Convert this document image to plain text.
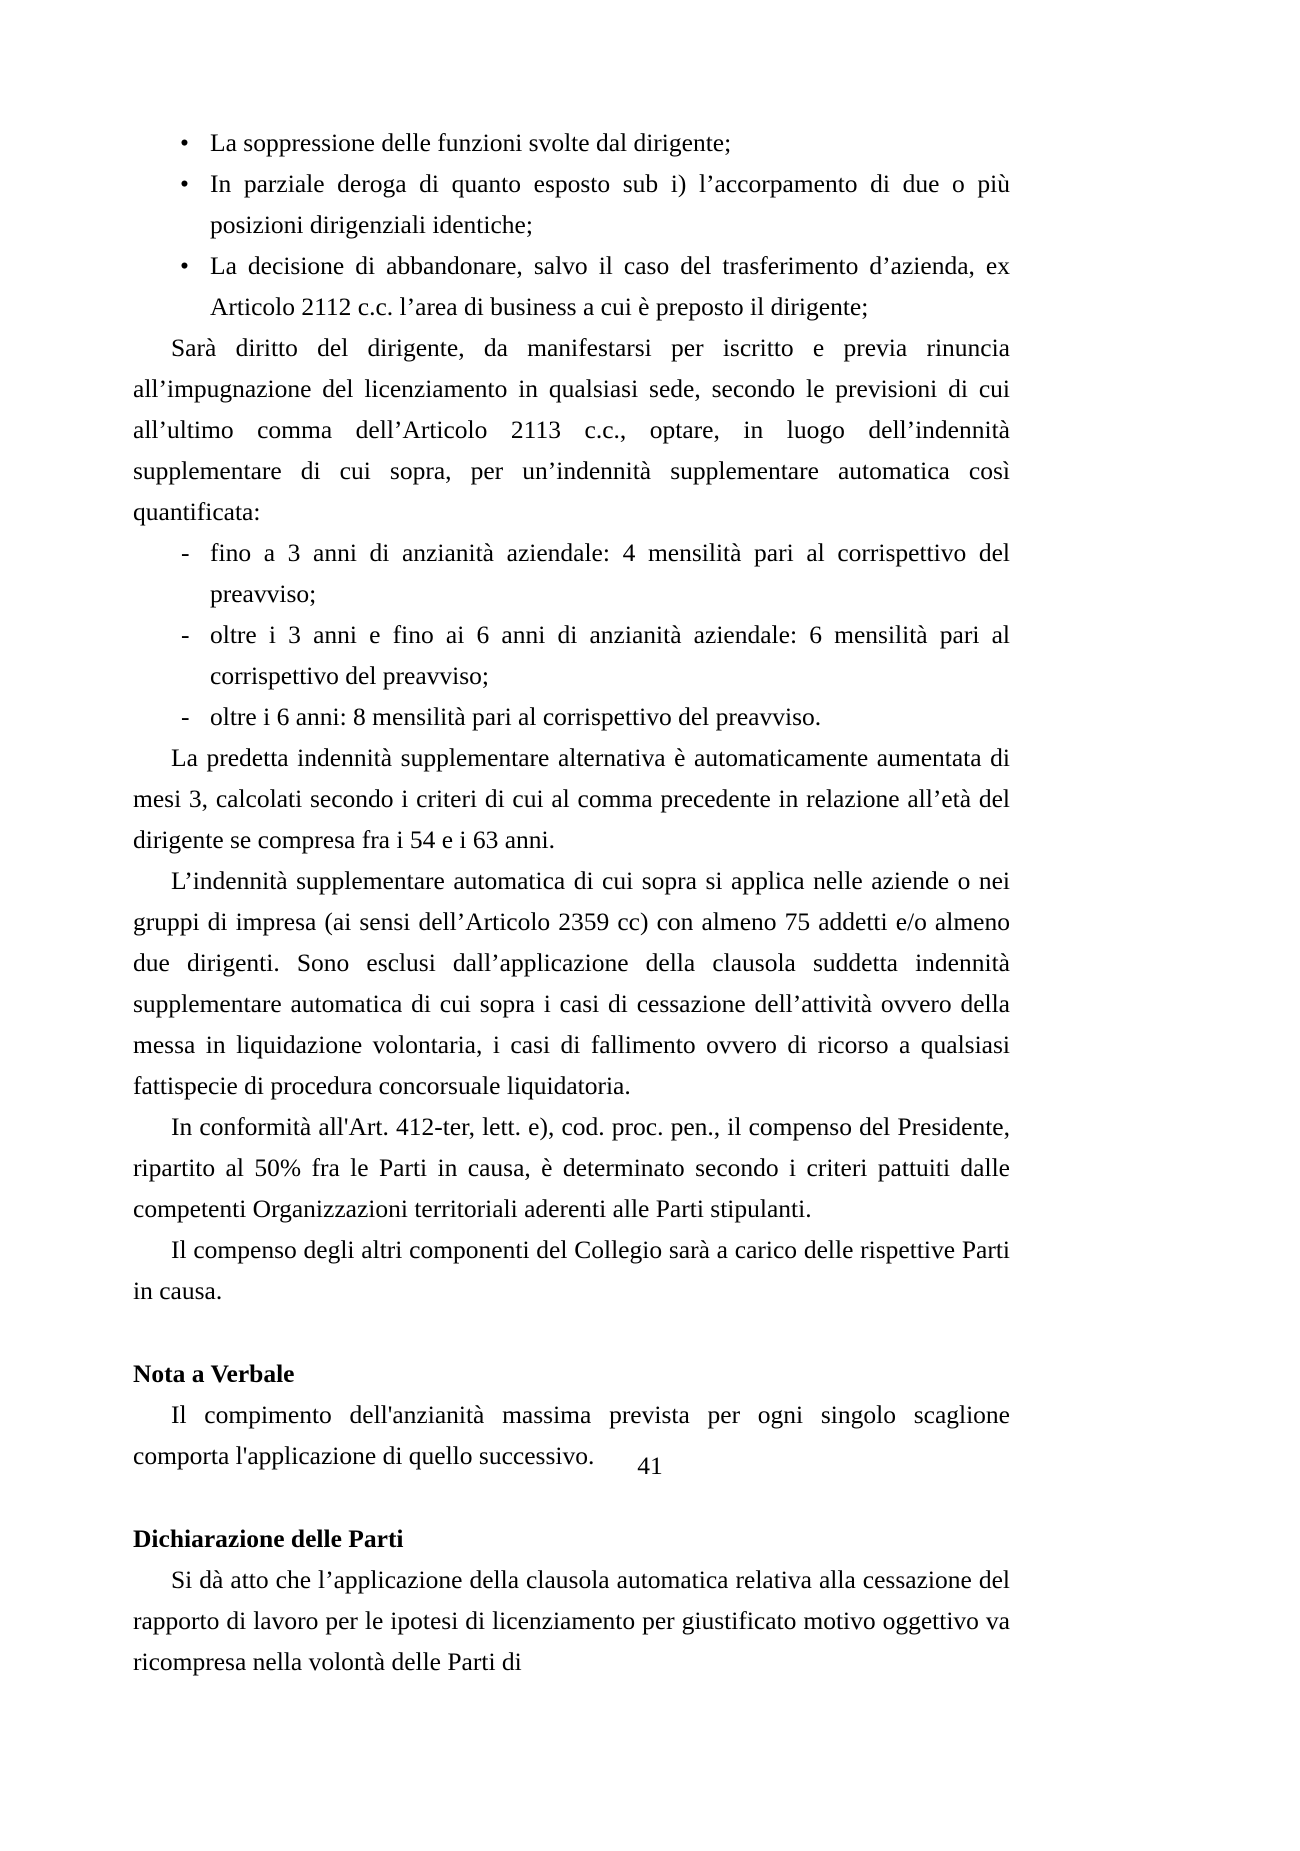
• La soppressione delle funzioni svolte dal dirigente;
• In parziale deroga di quanto esposto sub i) l’accorpamento di due o più posizioni dirigenziali identiche;
• La decisione di abbandonare, salvo il caso del trasferimento d’azienda, ex Articolo 2112 c.c. l’area di business a cui è preposto il dirigente;

Sarà diritto del dirigente, da manifestarsi per iscritto e previa rinuncia all’impugnazione del licenziamento in qualsiasi sede, secondo le previsioni di cui all’ultimo comma dell’Articolo 2113 c.c., optare, in luogo dell’indennità supplementare di cui sopra, per un’indennità supplementare automatica così quantificata:

- fino a 3 anni di anzianità aziendale: 4 mensilità pari al corrispettivo del preavviso;
- oltre i 3 anni e fino ai 6 anni di anzianità aziendale: 6 mensilità pari al corrispettivo del preavviso;
- oltre i 6 anni: 8 mensilità pari al corrispettivo del preavviso.

La predetta indennità supplementare alternativa è automaticamente aumentata di mesi 3, calcolati secondo i criteri di cui al comma precedente in relazione all’età del dirigente se compresa fra i 54 e i 63 anni.

L’indennità supplementare automatica di cui sopra si applica nelle aziende o nei gruppi di impresa (ai sensi dell’Articolo 2359 cc) con almeno 75 addetti e/o almeno due dirigenti. Sono esclusi dall’applicazione della clausola suddetta indennità supplementare automatica di cui sopra i casi di cessazione dell’attività ovvero della messa in liquidazione volontaria, i casi di fallimento ovvero di ricorso a qualsiasi fattispecie di procedura concorsuale liquidatoria.

In conformità all'Art. 412-ter, lett. e), cod. proc. pen., il compenso del Presidente, ripartito al 50% fra le Parti in causa, è determinato secondo i criteri pattuiti dalle competenti Organizzazioni territoriali aderenti alle Parti stipulanti.

Il compenso degli altri componenti del Collegio sarà a carico delle rispettive Parti in causa.

Nota a Verbale

Il compimento dell'anzianità massima prevista per ogni singolo scaglione comporta l'applicazione di quello successivo.

Dichiarazione delle Parti

Si dà atto che l’applicazione della clausola automatica relativa alla cessazione del rapporto di lavoro per le ipotesi di licenziamento per giustificato motivo oggettivo va ricompresa nella volontà delle Parti di

41
